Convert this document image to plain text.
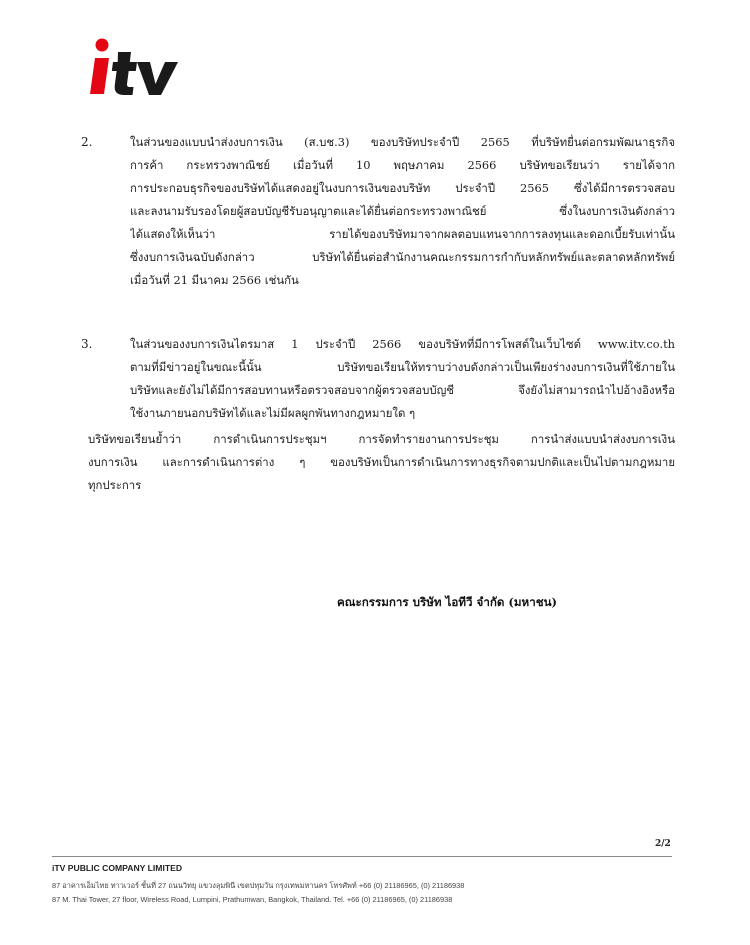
2.	ในส่วนของแบบนำส่งงบการเงิน (ส.บช.3) ของบริษัทประจำปี 2565 ที่บริษัทยื่นต่อกรมพัฒนาธุรกิจ
การค้า กระทรวงพาณิชย์ เมื่อวันที่ 10 พฤษภาคม 2566 บริษัทขอเรียนว่า รายได้จาก
การประกอบธุรกิจของบริษัทได้แสดงอยู่ในงบการเงินของบริษัท ประจำปี 2565 ซึ่งได้มีการตรวจสอบ
และลงนามรับรองโดยผู้สอบบัญชีรับอนุญาตและได้ยื่นต่อกระทรวงพาณิชย์ ซึ่งในงบการเงินดังกล่าว
ได้แสดงให้เห็นว่า รายได้ของบริษัทมาจากผลตอบแทนจากการลงทุนและดอกเบี้ยรับเท่านั้น
ซึ่งงบการเงินฉบับดังกล่าว บริษัทได้ยื่นต่อสำนักงานคณะกรรมการกำกับหลักทรัพย์และตลาดหลักทรัพย์
เมื่อวันที่ 21 มีนาคม 2566 เช่นกัน
3.	ในส่วนของงบการเงินไตรมาส 1 ประจำปี 2566 ของบริษัทที่มีการโพสต์ในเว็บไซต์ www.itv.co.th
ตามที่มีข่าวอยู่ในขณะนี้นั้น บริษัทขอเรียนให้ทราบว่างบดังกล่าวเป็นเพียงร่างงบการเงินที่ใช้ภายใน
บริษัทและยังไม่ได้มีการสอบทานหรือตรวจสอบจากผู้ตรวจสอบบัญชี จึงยังไม่สามารถนำไปอ้างอิงหรือ
ใช้งานภายนอกบริษัทได้และไม่มีผลผูกพันทางกฎหมายใด ๆ
บริษัทขอเรียนย้ำว่า การดำเนินการประชุมฯ การจัดทำรายงานการประชุม การนำส่งแบบนำส่งงบการเงิน
งบการเงิน และการดำเนินการต่าง ๆ ของบริษัทเป็นการดำเนินการทางธุรกิจตามปกติและเป็นไปตามกฎหมาย
ทุกประการ
คณะกรรมการ บริษัท ไอทีวี จำกัด (มหาชน)
2/2
iTV PUBLIC COMPANY LIMITED
87 อาคารเอ็มไทย ทาวเวอร์ ชั้นที่ 27 ถนนวิทยุ แขวงลุมพินี เขตปทุมวัน กรุงเทพมหานคร โทรศัพท์ +66 (0) 21186965, (0) 21186938
87 M. Thai Tower, 27 floor, Wireless Road, Lumpini, Prathumwan, Bangkok, Thailand. Tel. +66 (0) 21186965, (0) 21186938
